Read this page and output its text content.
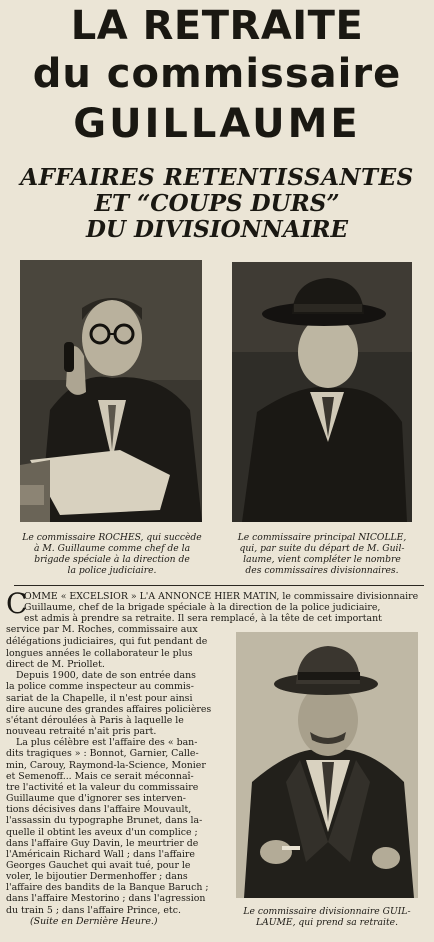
LA RETRAITE
du commissaire
GUILLAUME
AFFAIRES RETENTISSANTES
ET “COUPS DURS”
DU DIVISIONNAIRE
Le commissaire ROCHES, qui succède
à M. Guillaume comme chef de la
brigade spéciale à la direction de
la police judiciaire.
Le commissaire principal NICOLLE,
qui, par suite du départ de M. Guil-
laume, vient compléter le nombre
des commissaires divisionnaires.
Le commissaire divisionnaire GUIL-
LAUME, qui prend sa retraite.
C
OMME « EXCELSIOR » L'A ANNONCÉ HIER MATIN, le commissaire divisionnaire
Guillaume, chef de la brigade spéciale à la direction de la police judiciaire,
est admis à prendre sa retraite. Il sera remplacé, à la tête de cet important
service par M. Roches, commissaire aux
délégations judiciaires, qui fut pendant de
longues années le collaborateur le plus
direct de M. Priollet.
Depuis 1900, date de son entrée dans
la police comme inspecteur au commis-
sariat de la Chapelle, il n'est pour ainsi
dire aucune des grandes affaires policières
s'étant déroulées à Paris à laquelle le
nouveau retraité n'ait pris part.
La plus célèbre est l'affaire des « ban-
dits tragiques » : Bonnot, Garnier, Calle-
min, Carouy, Raymond-la-Science, Monier
et Semenoff... Mais ce serait méconnaî-
tre l'activité et la valeur du commissaire
Guillaume que d'ignorer ses interven-
tions décisives dans l'affaire Mouvault,
l'assassin du typographe Brunet, dans la-
quelle il obtint les aveux d'un complice ;
dans l'affaire Guy Davin, le meurtrier de
l'Américain Richard Wall ; dans l'affaire
Georges Gauchet qui avait tué, pour le
voler, le bijoutier Dermenhoffer ; dans
l'affaire des bandits de la Banque Baruch ;
dans l'affaire Mestorino ; dans l'agression
du train 5 ; dans l'affaire Prince, etc.
(Suite en Dernière Heure.)
